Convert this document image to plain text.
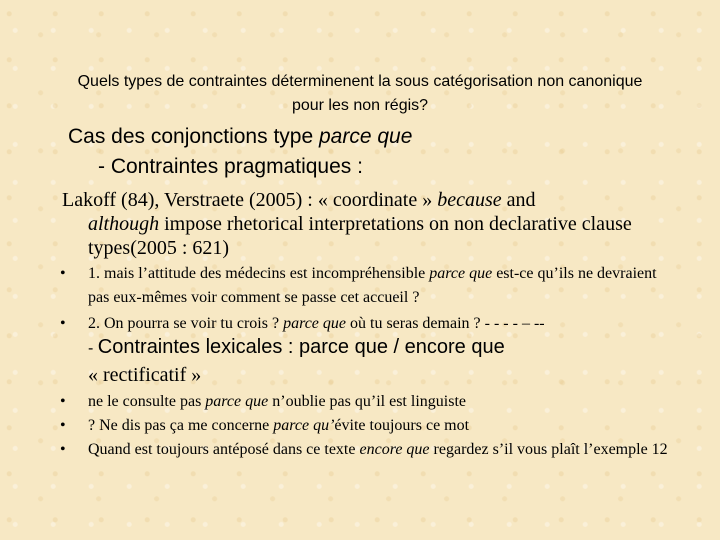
Quels types de contraintes déterminenent la sous catégorisation non canonique pour les non régis?
Cas des conjonctions type parce que
- Contraintes pragmatiques :
Lakoff (84), Verstraete (2005) : « coordinate » because and
although impose rhetorical interpretations on non declarative clause types(2005 : 621)
• 1. mais l’attitude des médecins est incompréhensible parce que est-ce qu’ils ne devraient pas eux-mêmes voir comment se passe cet accueil ?
• 2. On pourra se voir tu crois ? parce que où tu seras demain ? - - - - – --
- Contraintes lexicales : parce que / encore que
« rectificatif »
• ne le consulte pas parce que n’oublie pas qu’il est linguiste
• ? Ne dis pas ça me concerne parce qu’évite toujours ce mot
• Quand est toujours antéposé dans ce texte encore que regardez s’il vous plaît l’exemple 12
